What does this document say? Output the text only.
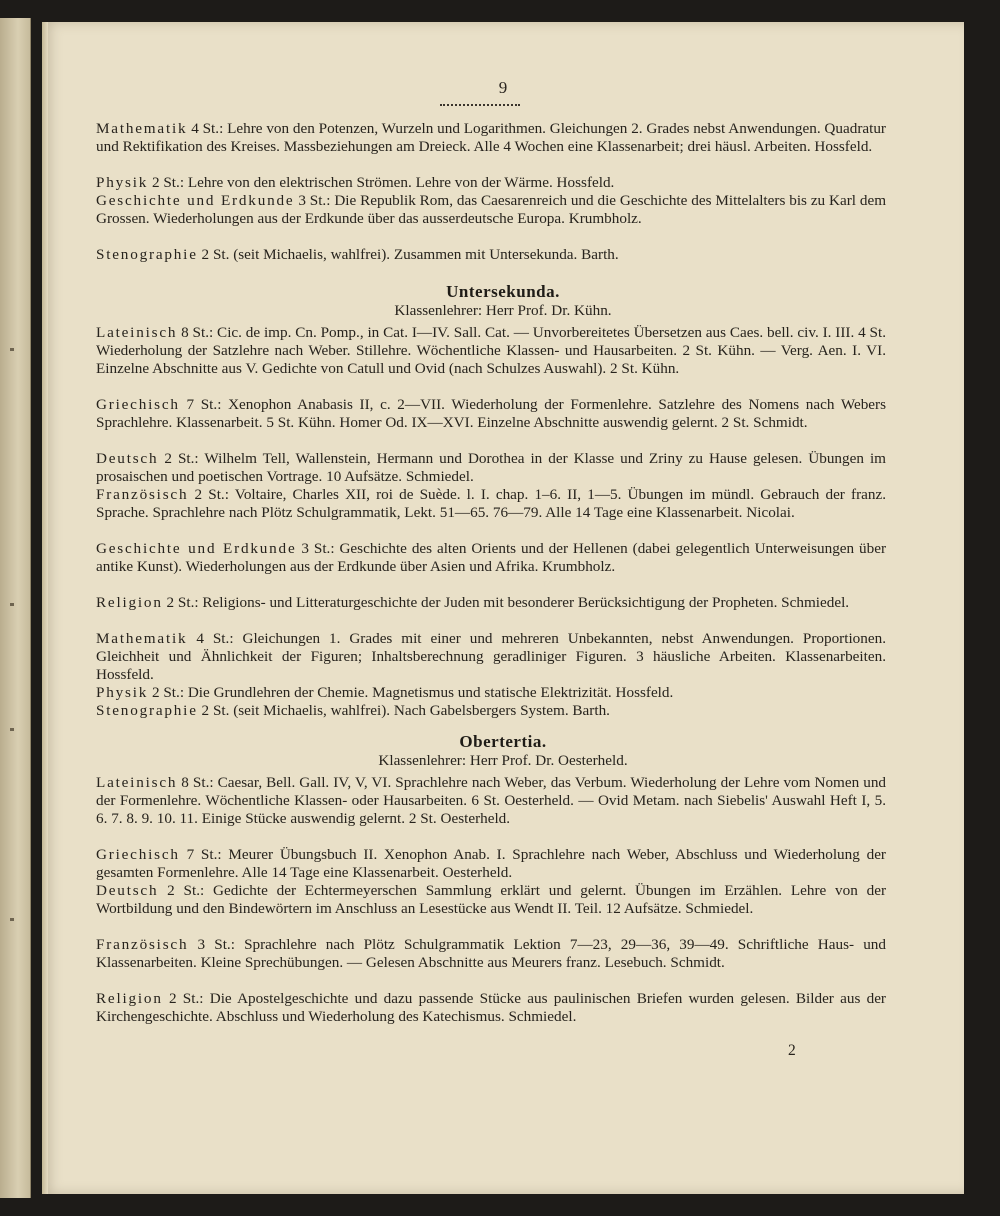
9
Mathematik 4 St.: Lehre von den Potenzen, Wurzeln und Logarithmen. Gleichungen 2. Grades nebst Anwendungen. Quadratur und Rektifikation des Kreises. Massbeziehungen am Dreieck. Alle 4 Wochen eine Klassenarbeit; drei häusl. Arbeiten. Hossfeld.
Physik 2 St.: Lehre von den elektrischen Strömen. Lehre von der Wärme. Hossfeld.
Geschichte und Erdkunde 3 St.: Die Republik Rom, das Caesarenreich und die Geschichte des Mittelalters bis zu Karl dem Grossen. Wiederholungen aus der Erdkunde über das ausserdeutsche Europa. Krumbholz.
Stenographie 2 St. (seit Michaelis, wahlfrei). Zusammen mit Untersekunda. Barth.
Untersekunda.
Klassenlehrer: Herr Prof. Dr. Kühn.
Lateinisch 8 St.: Cic. de imp. Cn. Pomp., in Cat. I—IV. Sall. Cat. — Unvorbereitetes Übersetzen aus Caes. bell. civ. I. III. 4 St. Wiederholung der Satzlehre nach Weber. Stillehre. Wöchentliche Klassen- und Hausarbeiten. 2 St. Kühn. — Verg. Aen. I. VI. Einzelne Abschnitte aus V. Gedichte von Catull und Ovid (nach Schulzes Auswahl). 2 St. Kühn.
Griechisch 7 St.: Xenophon Anabasis II, c. 2—VII. Wiederholung der Formenlehre. Satzlehre des Nomens nach Webers Sprachlehre. Klassenarbeit. 5 St. Kühn. Homer Od. IX—XVI. Einzelne Abschnitte auswendig gelernt. 2 St. Schmidt.
Deutsch 2 St.: Wilhelm Tell, Wallenstein, Hermann und Dorothea in der Klasse und Zriny zu Hause gelesen. Übungen im prosaischen und poetischen Vortrage. 10 Aufsätze. Schmiedel.
Französisch 2 St.: Voltaire, Charles XII, roi de Suède. l. I. chap. 1–6. II, 1—5. Übungen im mündl. Gebrauch der franz. Sprache. Sprachlehre nach Plötz Schulgrammatik, Lekt. 51—65. 76—79. Alle 14 Tage eine Klassenarbeit. Nicolai.
Geschichte und Erdkunde 3 St.: Geschichte des alten Orients und der Hellenen (dabei gelegentlich Unterweisungen über antike Kunst). Wiederholungen aus der Erdkunde über Asien und Afrika. Krumbholz.
Religion 2 St.: Religions- und Litteraturgeschichte der Juden mit besonderer Berücksichtigung der Propheten. Schmiedel.
Mathematik 4 St.: Gleichungen 1. Grades mit einer und mehreren Unbekannten, nebst Anwendungen. Proportionen. Gleichheit und Ähnlichkeit der Figuren; Inhaltsberechnung geradliniger Figuren. 3 häusliche Arbeiten. Klassenarbeiten. Hossfeld.
Physik 2 St.: Die Grundlehren der Chemie. Magnetismus und statische Elektrizität. Hossfeld.
Stenographie 2 St. (seit Michaelis, wahlfrei). Nach Gabelsbergers System. Barth.
Obertertia.
Klassenlehrer: Herr Prof. Dr. Oesterheld.
Lateinisch 8 St.: Caesar, Bell. Gall. IV, V, VI. Sprachlehre nach Weber, das Verbum. Wiederholung der Lehre vom Nomen und der Formenlehre. Wöchentliche Klassen- oder Hausarbeiten. 6 St. Oesterheld. — Ovid Metam. nach Siebelis' Auswahl Heft I, 5. 6. 7. 8. 9. 10. 11. Einige Stücke auswendig gelernt. 2 St. Oesterheld.
Griechisch 7 St.: Meurer Übungsbuch II. Xenophon Anab. I. Sprachlehre nach Weber, Abschluss und Wiederholung der gesamten Formenlehre. Alle 14 Tage eine Klassenarbeit. Oesterheld.
Deutsch 2 St.: Gedichte der Echtermeyerschen Sammlung erklärt und gelernt. Übungen im Erzählen. Lehre von der Wortbildung und den Bindewörtern im Anschluss an Lesestücke aus Wendt II. Teil. 12 Aufsätze. Schmiedel.
Französisch 3 St.: Sprachlehre nach Plötz Schulgrammatik Lektion 7—23, 29—36, 39—49. Schriftliche Haus- und Klassenarbeiten. Kleine Sprechübungen. — Gelesen Abschnitte aus Meurers franz. Lesebuch. Schmidt.
Religion 2 St.: Die Apostelgeschichte und dazu passende Stücke aus paulinischen Briefen wurden gelesen. Bilder aus der Kirchengeschichte. Abschluss und Wiederholung des Katechismus. Schmiedel.
2
